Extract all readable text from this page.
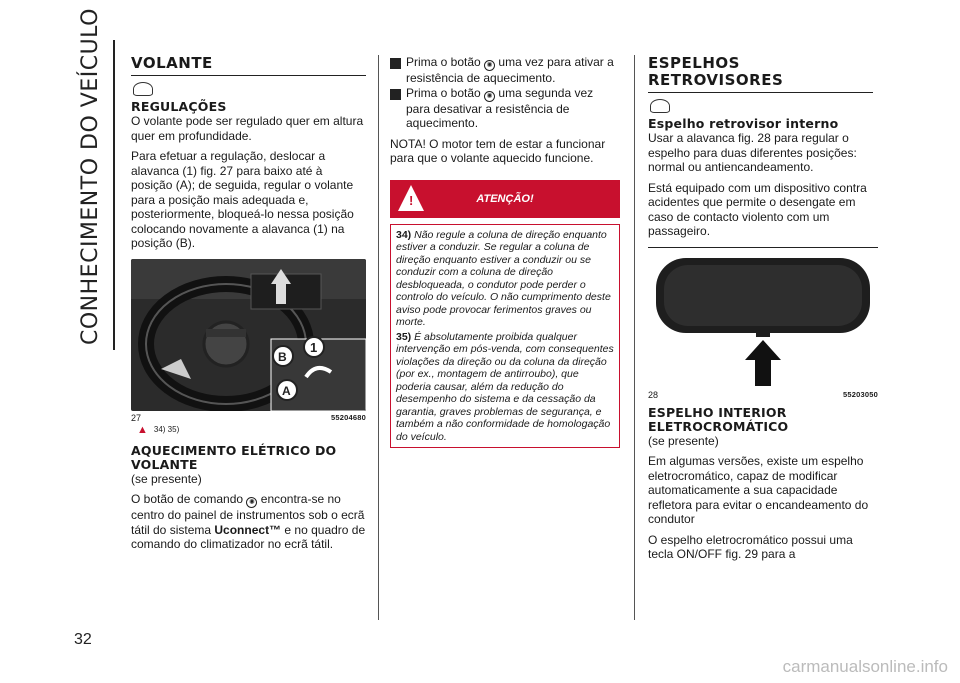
CONHECIMENTO DO VEÍCULO
32
VOLANTE
REGULAÇÕES

O volante pode ser regulado quer em altura quer em profundidade.

Para efetuar a regulação, deslocar a alavanca (1) fig. 27 para baixo até à posição (A); de seguida, regular o volante para a posição mais adequada e, posteriormente, bloqueá-lo nessa posição colocando novamente a alavanca (1) na posição (B).

1
B
A
27	55204680
▲ 34) 35)
AQUECIMENTO ELÉTRICO DO VOLANTE

(se presente)

O botão de comando ✺ encontra-se no centro do painel de instrumentos sob o ecrã tátil do sistema Uconnect™ e no quadro de comando do climatizador no ecrã tátil.

Prima o botão ✺ uma vez para ativar a resistência de aquecimento.

Prima o botão ✺ uma segunda vez para desativar a resistência de aquecimento.

NOTA! O motor tem de estar a funcionar para que o volante aquecido funcione.

!	ATENÇÃO!

34) Não regule a coluna de direção enquanto estiver a conduzir. Se regular a coluna de direção enquanto estiver a conduzir ou se conduzir com a coluna de direção desbloqueada, o condutor pode perder o controlo do veículo. O não cumprimento deste aviso pode provocar ferimentos graves ou morte.

35) É absolutamente proibida qualquer intervenção em pós-venda, com consequentes violações da direção ou da coluna da direção (por ex., montagem de antirroubo), que poderia causar, além da redução do desempenho do sistema e da cessação da garantia, graves problemas de segurança, e também a não conformidade de homologação do veículo.

ESPELHOS RETROVISORES
Espelho retrovisor interno

Usar a alavanca fig. 28 para regular o espelho para duas diferentes posições: normal ou antiencandeamento.

Está equipado com um dispositivo contra acidentes que permite o desengate em caso de contacto violento com um passageiro.

28	55203050
ESPELHO INTERIOR ELETROCROMÁTICO

(se presente)

Em algumas versões, existe um espelho eletrocromático, capaz de modificar automaticamente a sua capacidade refletora para evitar o encandeamento do condutor

O espelho eletrocromático possui uma tecla ON/OFF fig. 29 para a

carmanualsonline.info
